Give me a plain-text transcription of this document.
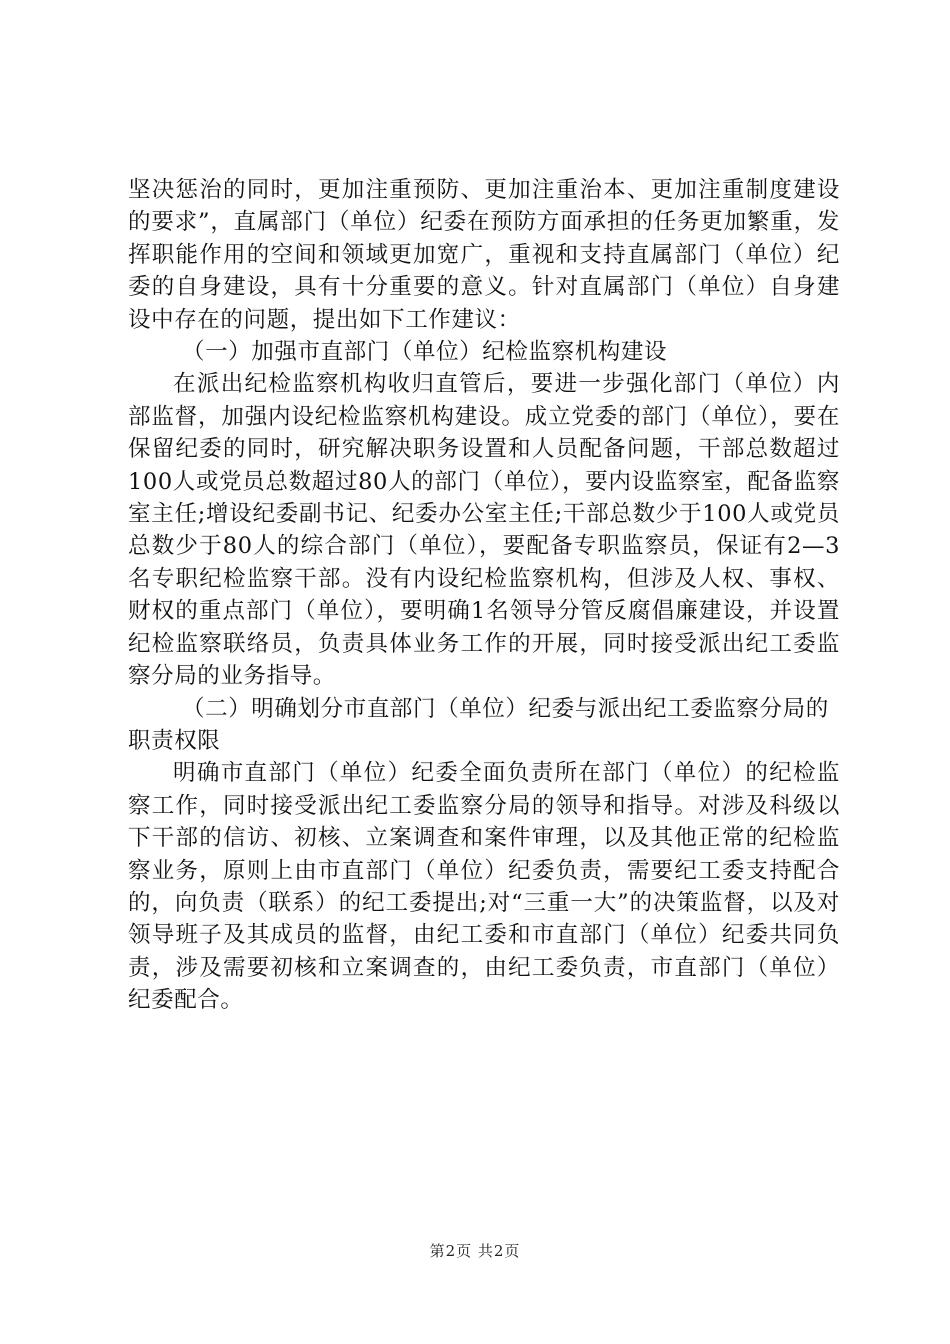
坚决惩治的同时，更加注重预防、更加注重治本、更加注重制度建设的要求”，直属部门（单位）纪委在预防方面承担的任务更加繁重，发挥职能作用的空间和领域更加宽广，重视和支持直属部门（单位）纪委的自身建设，具有十分重要的意义。针对直属部门（单位）自身建设中存在的问题，提出如下工作建议：

（一）加强市直部门（单位）纪检监察机构建设

在派出纪检监察机构收归直管后，要进一步强化部门（单位）内部监督，加强内设纪检监察机构建设。成立党委的部门（单位），要在保留纪委的同时，研究解决职务设置和人员配备问题，干部总数超过100人或党员总数超过80人的部门（单位），要内设监察室，配备监察室主任;增设纪委副书记、纪委办公室主任;干部总数少于100人或党员总数少于80人的综合部门（单位），要配备专职监察员，保证有2—3名专职纪检监察干部。没有内设纪检监察机构，但涉及人权、事权、财权的重点部门（单位），要明确1名领导分管反腐倡廉建设，并设置纪检监察联络员，负责具体业务工作的开展，同时接受派出纪工委监察分局的业务指导。

（二）明确划分市直部门（单位）纪委与派出纪工委监察分局的职责权限

明确市直部门（单位）纪委全面负责所在部门（单位）的纪检监察工作，同时接受派出纪工委监察分局的领导和指导。对涉及科级以下干部的信访、初核、立案调查和案件审理，以及其他正常的纪检监察业务，原则上由市直部门（单位）纪委负责，需要纪工委支持配合的，向负责（联系）的纪工委提出;对“三重一大”的决策监督，以及对领导班子及其成员的监督，由纪工委和市直部门（单位）纪委共同负责，涉及需要初核和立案调查的，由纪工委负责，市直部门（单位）纪委配合。

第2页 共2页
